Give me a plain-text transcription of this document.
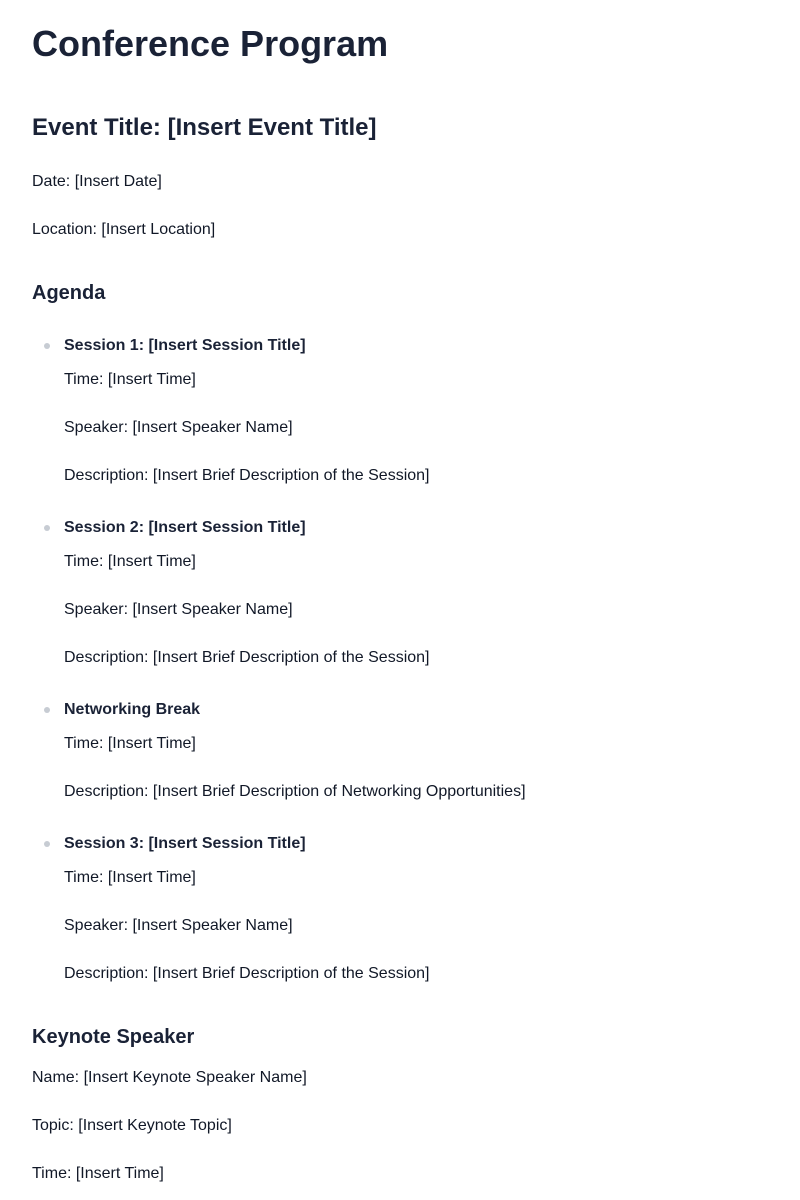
Conference Program
Event Title: [Insert Event Title]

Date: [Insert Date]

Location: [Insert Location]

Agenda

Session 1: [Insert Session Title]

Time: [Insert Time]

Speaker: [Insert Speaker Name]

Description: [Insert Brief Description of the Session]

Session 2: [Insert Session Title]

Time: [Insert Time]

Speaker: [Insert Speaker Name]

Description: [Insert Brief Description of the Session]

Networking Break

Time: [Insert Time]

Description: [Insert Brief Description of Networking Opportunities]

Session 3: [Insert Session Title]

Time: [Insert Time]

Speaker: [Insert Speaker Name]

Description: [Insert Brief Description of the Session]

Keynote Speaker

Name: [Insert Keynote Speaker Name]

Topic: [Insert Keynote Topic]

Time: [Insert Time]
